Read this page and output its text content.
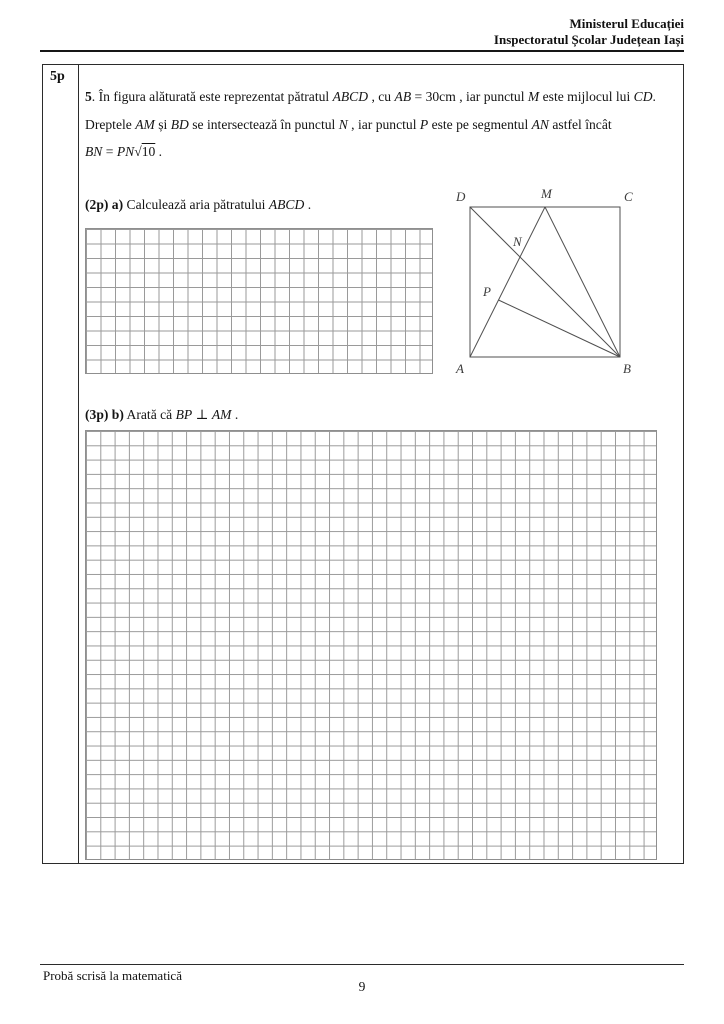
Ministerul Educației
Inspectoratul Școlar Județean Iași
5p
5. În figura alăturată este reprezentat pătratul ABCD , cu AB = 30cm , iar punctul M este mijlocul lui CD.
Dreptele AM și BD se intersectează în punctul N , iar punctul P este pe segmentul AN astfel încât
BN = PN√10 .
(2p) a) Calculează aria pătratului ABCD .
D	M	C
N
P
A	B
(3p) b) Arată că BP ⊥ AM .
Probă scrisă la matematică
9
